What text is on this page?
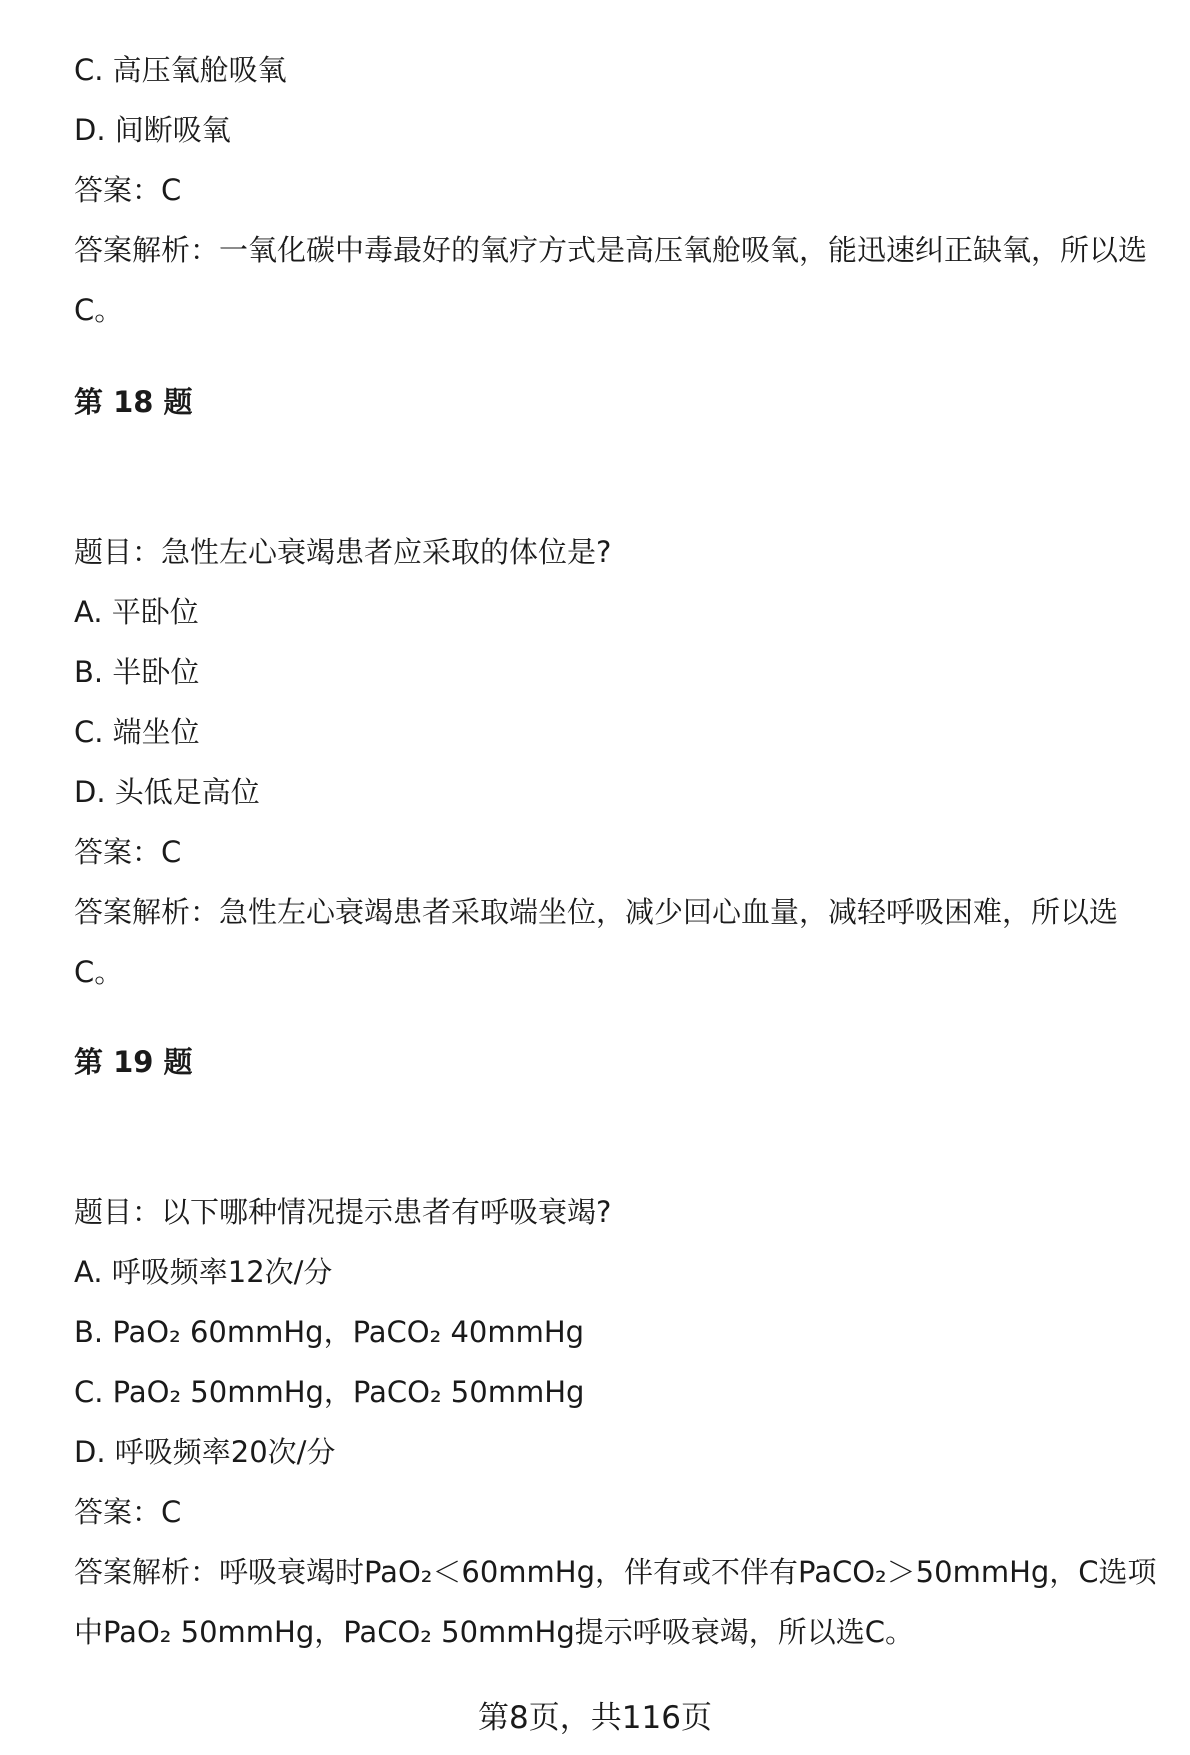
C. 高压氧舱吸氧
D. 间断吸氧
答案：C
答案解析：一氧化碳中毒最好的氧疗方式是高压氧舱吸氧，能迅速纠正缺氧，所以选C。
第 18 题
题目：急性左心衰竭患者应采取的体位是?
A. 平卧位
B. 半卧位
C. 端坐位
D. 头低足高位
答案：C
答案解析：急性左心衰竭患者采取端坐位，减少回心血量，减轻呼吸困难，所以选C。
第 19 题
题目：以下哪种情况提示患者有呼吸衰竭?
A. 呼吸频率12次/分
B. PaO₂ 60mmHg，PaCO₂ 40mmHg
C. PaO₂ 50mmHg，PaCO₂ 50mmHg
D. 呼吸频率20次/分
答案：C
答案解析：呼吸衰竭时PaO₂＜60mmHg，伴有或不伴有PaCO₂＞50mmHg，C选项中PaO₂ 50mmHg，PaCO₂ 50mmHg提示呼吸衰竭，所以选C。
第8页，共116页
